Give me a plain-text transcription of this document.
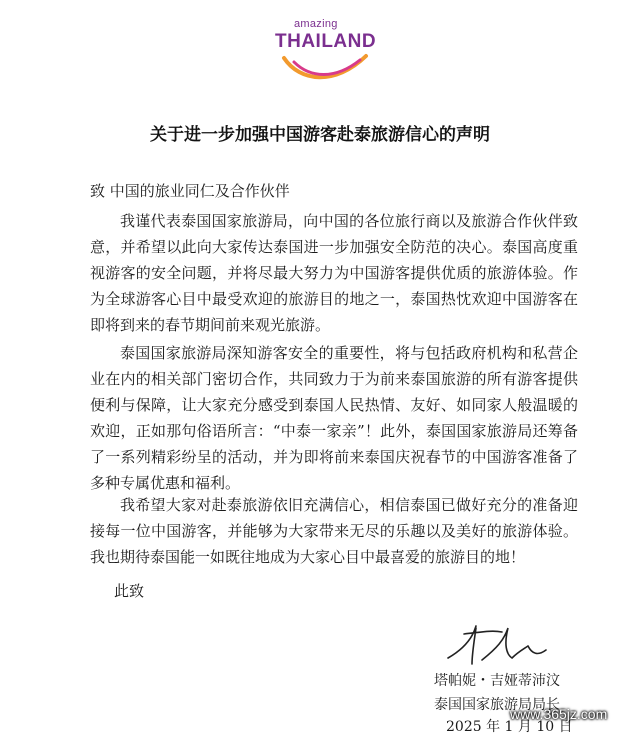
amazing
THAILAND
关于进一步加强中国游客赴泰旅游信心的声明
致 中国的旅业同仁及合作伙伴

我谨代表泰国国家旅游局，向中国的各位旅行商以及旅游合作伙伴致意，并希望以此向大家传达泰国进一步加强安全防范的决心。泰国高度重视游客的安全问题，并将尽最大努力为中国游客提供优质的旅游体验。作为全球游客心目中最受欢迎的旅游目的地之一，泰国热忱欢迎中国游客在即将到来的春节期间前来观光旅游。

泰国国家旅游局深知游客安全的重要性，将与包括政府机构和私营企业在内的相关部门密切合作，共同致力于为前来泰国旅游的所有游客提供便利与保障，让大家充分感受到泰国人民热情、友好、如同家人般温暖的欢迎，正如那句俗语所言：“中泰一家亲”！此外，泰国国家旅游局还筹备了一系列精彩纷呈的活动，并为即将前来泰国庆祝春节的中国游客准备了多种专属优惠和福利。

我希望大家对赴泰旅游依旧充满信心，相信泰国已做好充分的准备迎接每一位中国游客，并能够为大家带来无尽的乐趣以及美好的旅游体验。我也期待泰国能一如既往地成为大家心目中最喜爱的旅游目的地！

此致
塔帕妮・吉娅蒂沛汶
泰国国家旅游局局长
2025 年 1 月 10 日
www.365jz.com
